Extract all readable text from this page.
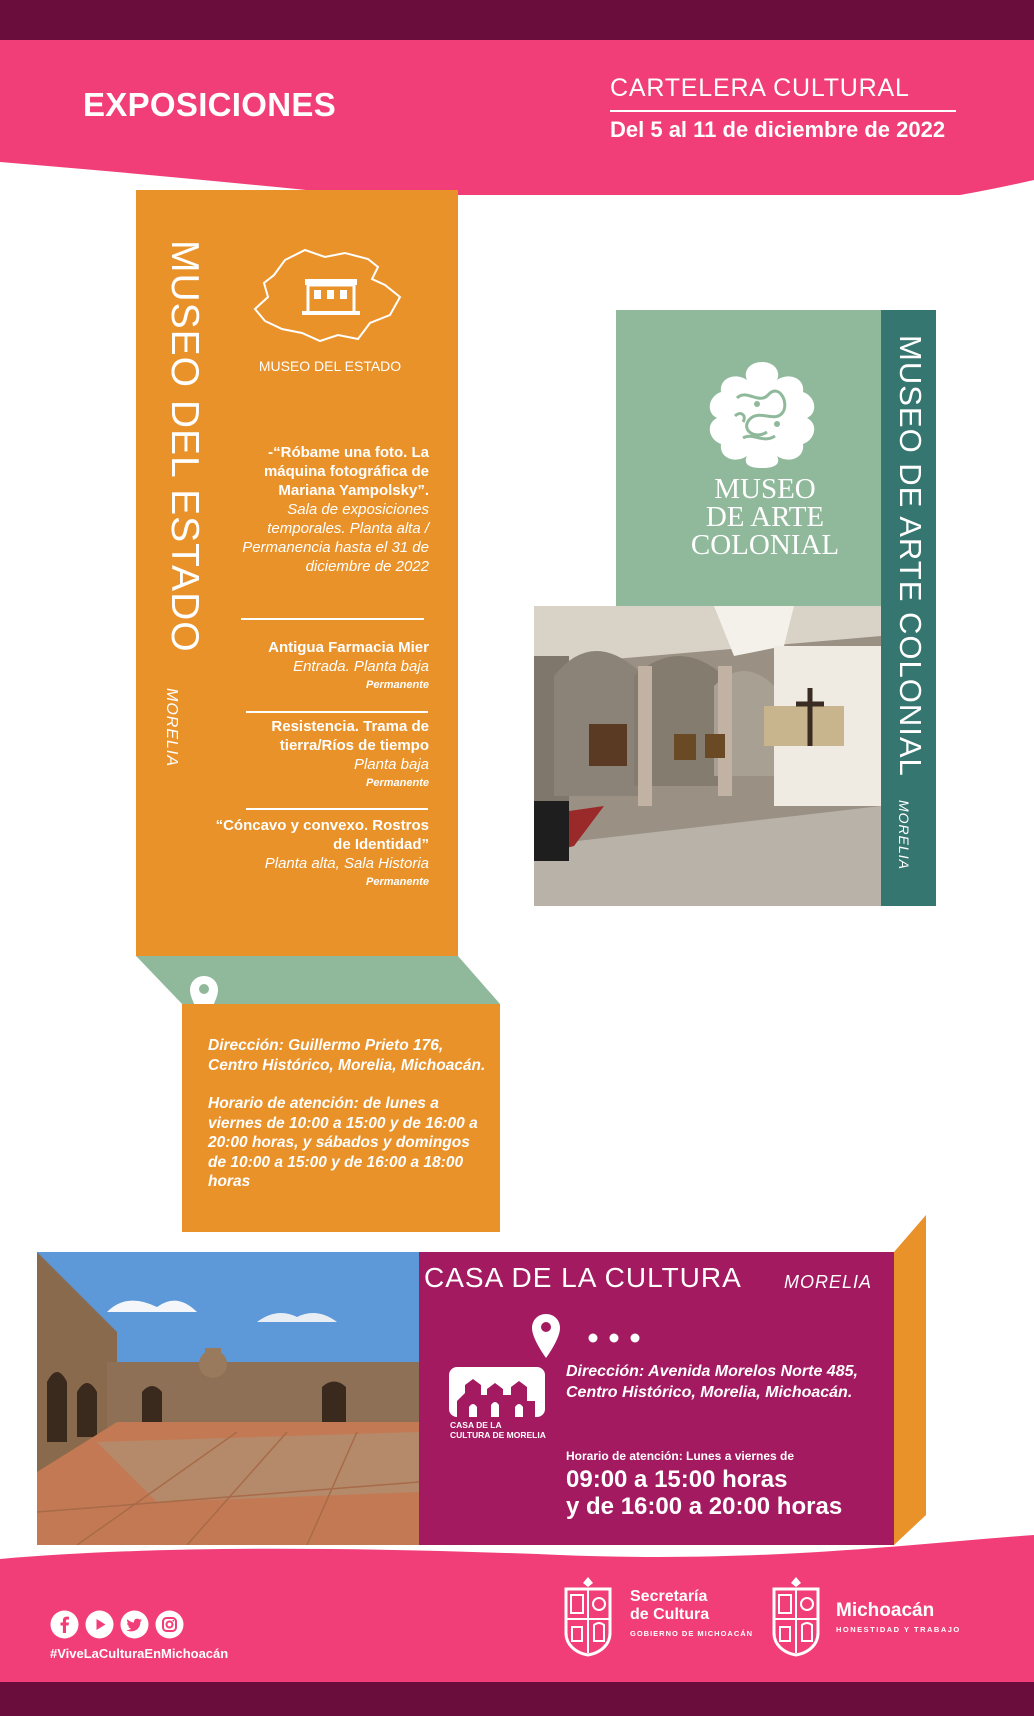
EXPOSICIONES	CARTELERA CULTURAL
Del 5 al 11 de diciembre de 2022
MUSEO DEL ESTADO
MORELIA
MUSEO DEL ESTADO
-“Róbame una foto. La máquina fotográfica de Mariana Yampolsky”.
Sala de exposiciones temporales. Planta alta / Permanencia hasta el 31 de diciembre de 2022
Antigua Farmacia Mier
Entrada. Planta baja
Permanente
Resistencia. Trama de tierra/Ríos de tiempo
Planta baja
Permanente
“Cóncavo y convexo. Rostros de Identidad”
Planta alta, Sala Historia
Permanente
Dirección: Guillermo Prieto 176, Centro Histórico, Morelia, Michoacán.
Horario de atención: de lunes a viernes de 10:00 a 15:00 y de 16:00 a 20:00 horas, y sábados y domingos de 10:00 a 15:00 y de 16:00 a 18:00 horas
MUSEO
DE ARTE
COLONIAL	MUSEO DE ARTE COLONIAL
MORELIA
CASA DE LA CULTURA MORELIA
CASA DE LA
CULTURA DE MORELIA
Dirección: Avenida Morelos Norte 485, Centro Histórico, Morelia, Michoacán.
Horario de atención: Lunes a viernes de
09:00 a 15:00 horas
y de 16:00 a 20:00 horas
#ViveLaCulturaEnMichoacán
Secretaría
de Cultura
GOBIERNO DE MICHOACÁN
Michoacán
HONESTIDAD Y TRABAJO
